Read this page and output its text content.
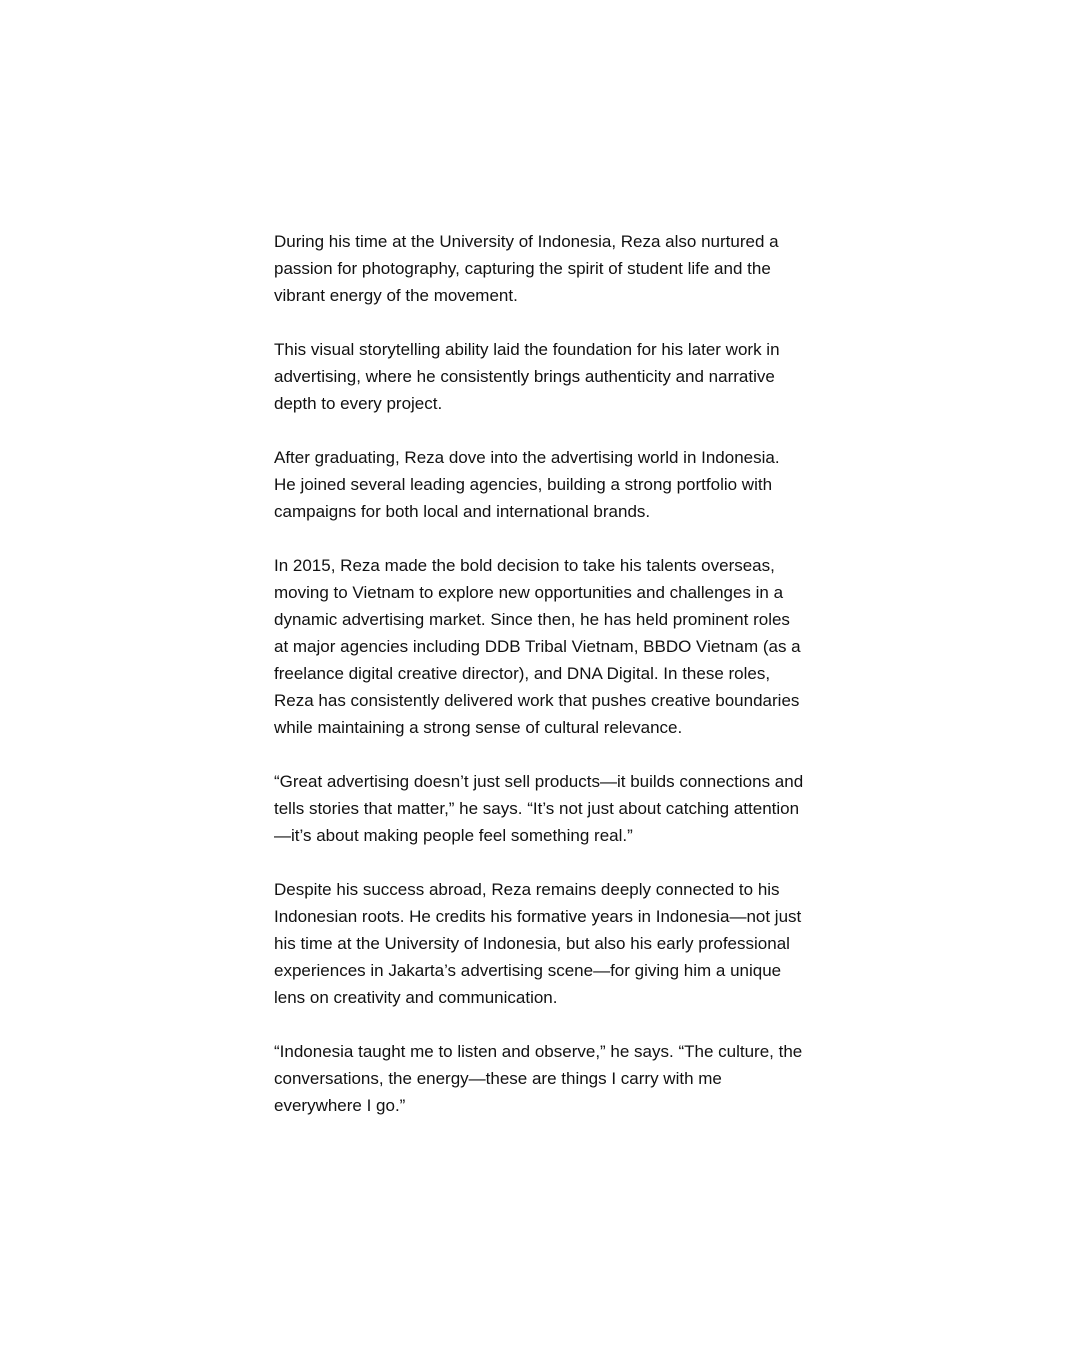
During his time at the University of Indonesia, Reza also nurtured a passion for photography, capturing the spirit of student life and the vibrant energy of the movement.

This visual storytelling ability laid the foundation for his later work in advertising, where he consistently brings authenticity and narrative depth to every project.

After graduating, Reza dove into the advertising world in Indonesia. He joined several leading agencies, building a strong portfolio with campaigns for both local and international brands.

In 2015, Reza made the bold decision to take his talents overseas, moving to Vietnam to explore new opportunities and challenges in a dynamic advertising market. Since then, he has held prominent roles at major agencies including DDB Tribal Vietnam, BBDO Vietnam (as a freelance digital creative director), and DNA Digital. In these roles, Reza has consistently delivered work that pushes creative boundaries while maintaining a strong sense of cultural relevance.

“Great advertising doesn’t just sell products—it builds connections and tells stories that matter,” he says. “It’s not just about catching attention—it’s about making people feel something real.”

Despite his success abroad, Reza remains deeply connected to his Indonesian roots. He credits his formative years in Indonesia—not just his time at the University of Indonesia, but also his early professional experiences in Jakarta’s advertising scene—for giving him a unique lens on creativity and communication.

“Indonesia taught me to listen and observe,” he says. “The culture, the conversations, the energy—these are things I carry with me everywhere I go.”
